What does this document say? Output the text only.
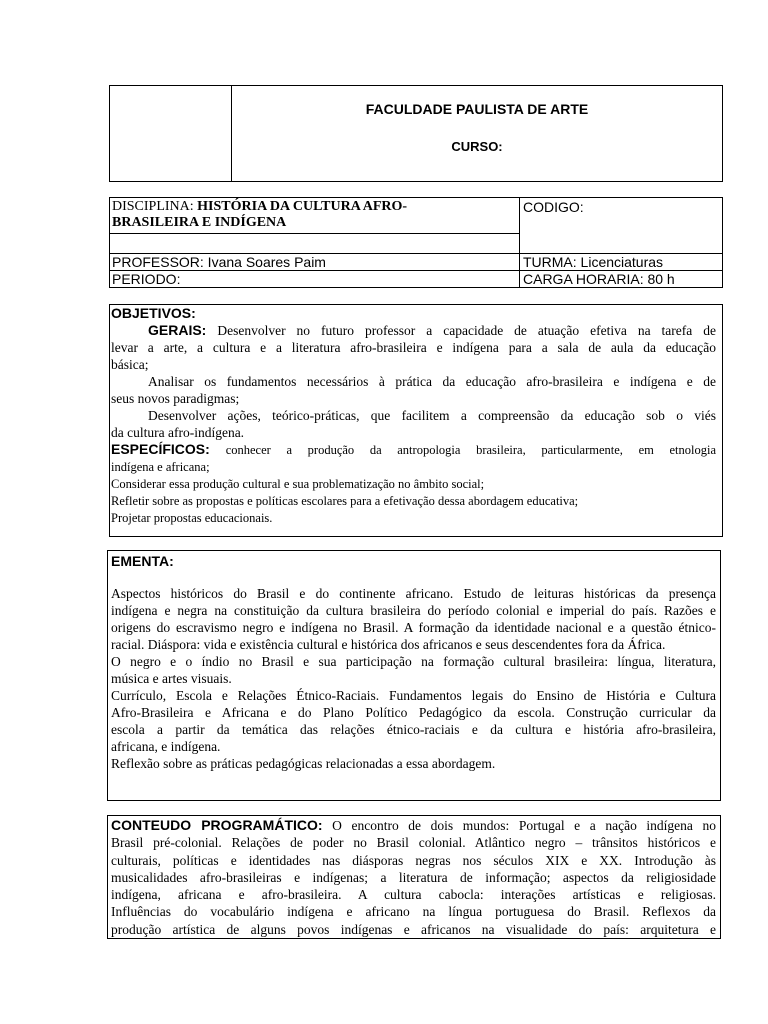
FACULDADE PAULISTA DE ARTE
CURSO:
DISCIPLINA: HISTÓRIA DA CULTURA AFRO-
BRASILEIRA E INDÍGENA
CODIGO:
PROFESSOR: Ivana Soares Paim	TURMA: Licenciaturas
PERIODO:	CARGA HORARIA: 80 h
OBJETIVOS:
GERAIS: Desenvolver no futuro professor a capacidade de atuação efetiva na tarefa de
levar a arte, a cultura e a literatura afro-brasileira e indígena para a sala de aula da educação
básica;
Analisar os fundamentos necessários à prática da educação afro-brasileira e indígena e de
seus novos paradigmas;
Desenvolver ações, teórico-práticas, que facilitem a compreensão da educação sob o viés
da cultura afro-indígena.
ESPECÍFICOS: conhecer a produção da antropologia brasileira, particularmente, em etnologia
indígena e africana;
Considerar essa produção cultural e sua problematização no âmbito social;
Refletir sobre as propostas e políticas escolares para a efetivação dessa abordagem educativa;
Projetar propostas educacionais.
EMENTA:
Aspectos históricos do Brasil e do continente africano. Estudo de leituras históricas da presença
indígena e negra na constituição da cultura brasileira do período colonial e imperial do país. Razões e
origens do escravismo negro e indígena no Brasil. A formação da identidade nacional e a questão étnico-
racial. Diáspora: vida e existência cultural e histórica dos africanos e seus descendentes fora da África.
O negro e o índio no Brasil e sua participação na formação cultural brasileira: língua, literatura,
música e artes visuais.
Currículo, Escola e Relações Étnico-Raciais. Fundamentos legais do Ensino de História e Cultura
Afro-Brasileira e Africana e do Plano Político Pedagógico da escola. Construção curricular da
escola a partir da temática das relações étnico-raciais e da cultura e história afro-brasileira,
africana, e indígena.
Reflexão sobre as práticas pedagógicas relacionadas a essa abordagem.
CONTEUDO PROGRAMÁTICO: O encontro de dois mundos: Portugal e a nação indígena no
Brasil pré-colonial. Relações de poder no Brasil colonial. Atlântico negro – trânsitos históricos e
culturais, políticas e identidades nas diásporas negras nos séculos XIX e XX. Introdução às
musicalidades afro-brasileiras e indígenas; a literatura de informação; aspectos da religiosidade
indígena, africana e afro-brasileira. A cultura cabocla: interações artísticas e religiosas.
Influências do vocabulário indígena e africano na língua portuguesa do Brasil. Reflexos da
produção artística de alguns povos indígenas e africanos na visualidade do país: arquitetura e
